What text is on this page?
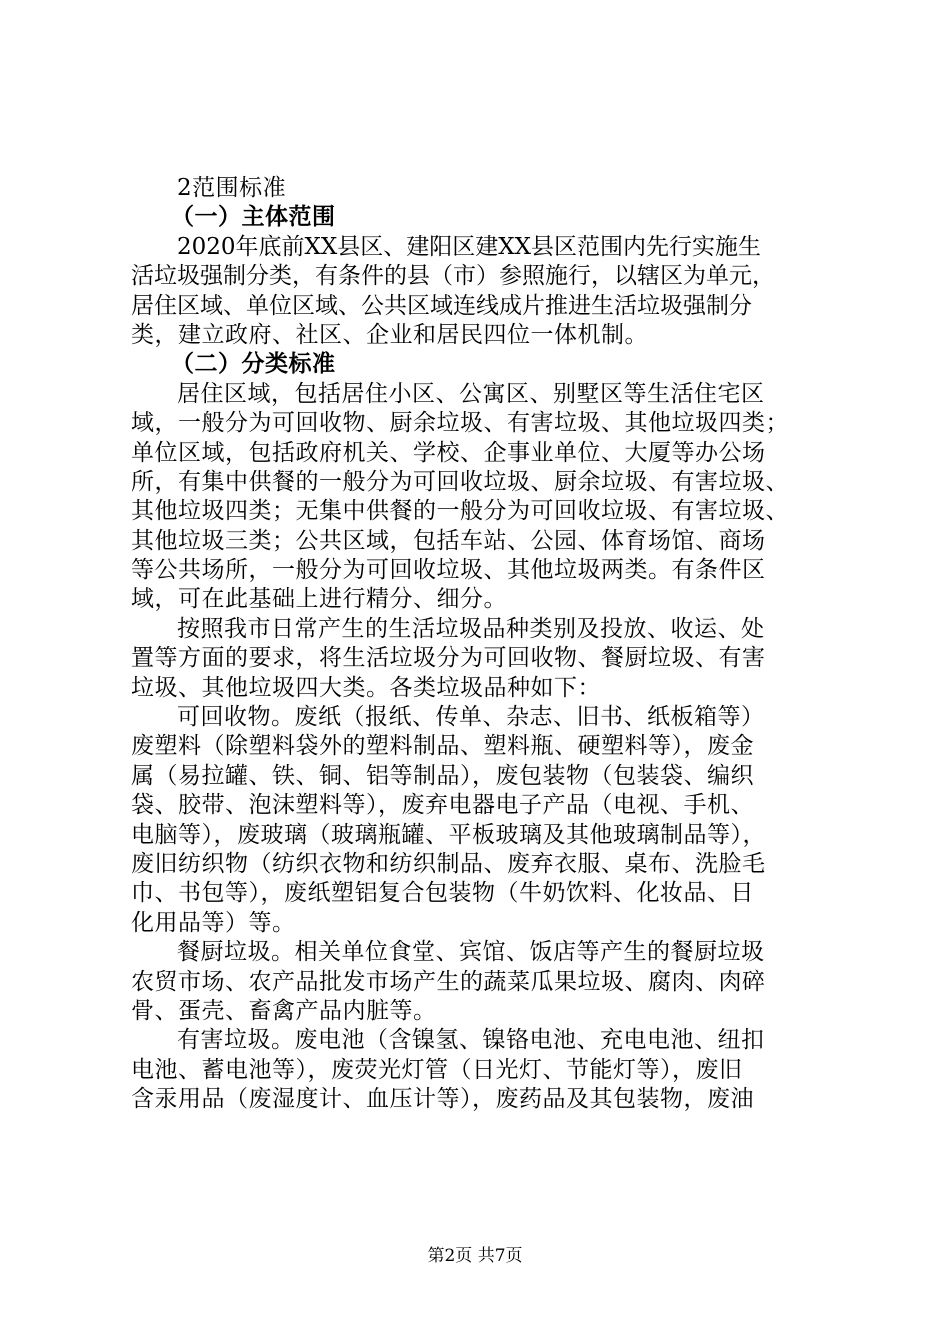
2范围标准
（一）主体范围
2020年底前XX县区、建阳区建XX县区范围内先行实施生
活垃圾强制分类，有条件的县（市）参照施行，以辖区为单元，
居住区域、单位区域、公共区域连线成片推进生活垃圾强制分
类，建立政府、社区、企业和居民四位一体机制。
（二）分类标准
居住区域，包括居住小区、公寓区、别墅区等生活住宅区
域，一般分为可回收物、厨余垃圾、有害垃圾、其他垃圾四类；
单位区域，包括政府机关、学校、企事业单位、大厦等办公场
所，有集中供餐的一般分为可回收垃圾、厨余垃圾、有害垃圾、
其他垃圾四类；无集中供餐的一般分为可回收垃圾、有害垃圾、
其他垃圾三类；公共区域，包括车站、公园、体育场馆、商场
等公共场所，一般分为可回收垃圾、其他垃圾两类。有条件区
域，可在此基础上进行精分、细分。
按照我市日常产生的生活垃圾品种类别及投放、收运、处
置等方面的要求，将生活垃圾分为可回收物、餐厨垃圾、有害
垃圾、其他垃圾四大类。各类垃圾品种如下：
可回收物。废纸（报纸、传单、杂志、旧书、纸板箱等）
废塑料（除塑料袋外的塑料制品、塑料瓶、硬塑料等），废金
属（易拉罐、铁、铜、铝等制品），废包装物（包装袋、编织
袋、胶带、泡沫塑料等），废弃电器电子产品（电视、手机、
电脑等），废玻璃（玻璃瓶罐、平板玻璃及其他玻璃制品等），
废旧纺织物（纺织衣物和纺织制品、废弃衣服、桌布、洗脸毛
巾、书包等），废纸塑铝复合包装物（牛奶饮料、化妆品、日
化用品等）等。
餐厨垃圾。相关单位食堂、宾馆、饭店等产生的餐厨垃圾
农贸市场、农产品批发市场产生的蔬菜瓜果垃圾、腐肉、肉碎
骨、蛋壳、畜禽产品内脏等。
有害垃圾。废电池（含镍氢、镍铬电池、充电电池、纽扣
电池、蓄电池等），废荧光灯管（日光灯、节能灯等），废旧
含汞用品（废湿度计、血压计等），废药品及其包装物，废油
第2页 共7页
